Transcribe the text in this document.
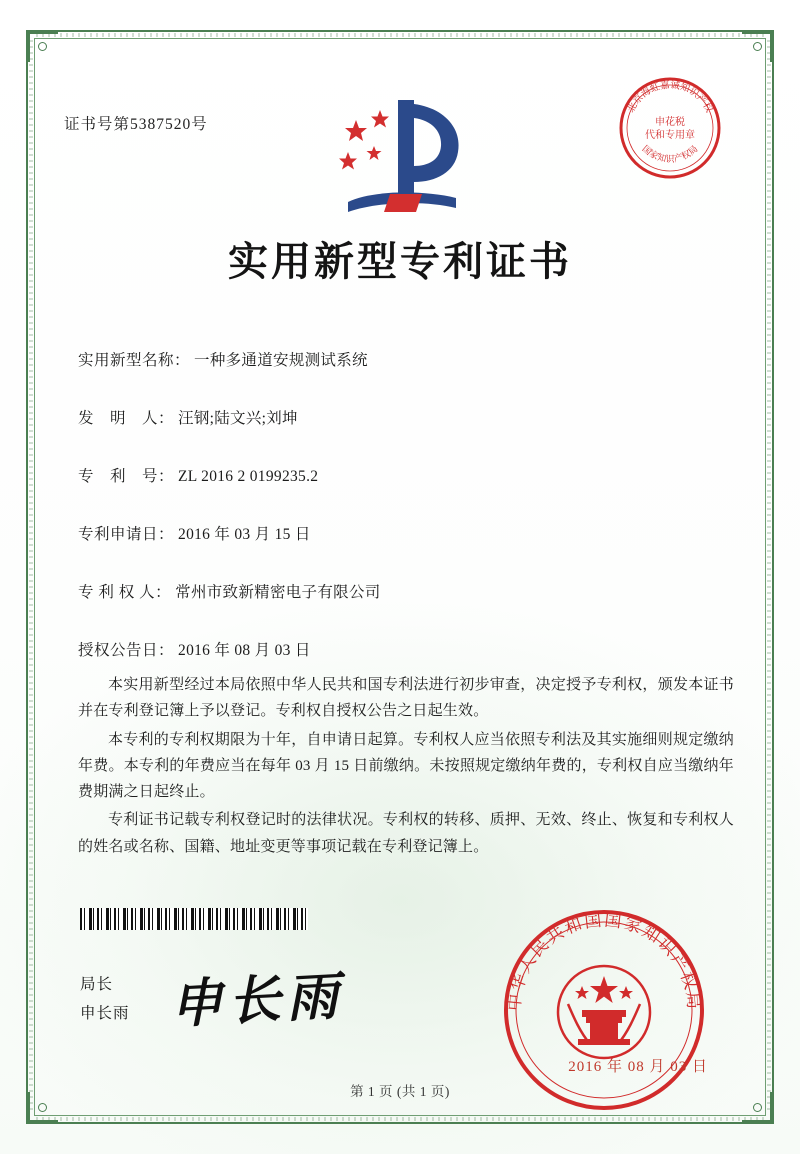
证书号第5387520号
北京海虹嘉诚知识产权
国家知识产权局
申花税
代和专用章
实用新型专利证书
实用新型名称： 一种多通道安规测试系统
发　明　人： 汪钢;陆文兴;刘坤
专　利　号： ZL 2016 2 0199235.2
专利申请日： 2016 年 03 月 15 日
专 利 权 人： 常州市致新精密电子有限公司
授权公告日： 2016 年 08 月 03 日

本实用新型经过本局依照中华人民共和国专利法进行初步审查，决定授予专利权，颁发本证书并在专利登记簿上予以登记。专利权自授权公告之日起生效。

本专利的专利权期限为十年，自申请日起算。专利权人应当依照专利法及其实施细则规定缴纳年费。本专利的年费应当在每年 03 月 15 日前缴纳。未按照规定缴纳年费的，专利权自应当缴纳年费期满之日起终止。

专利证书记载专利权登记时的法律状况。专利权的转移、质押、无效、终止、恢复和专利权人的姓名或名称、国籍、地址变更等事项记载在专利登记簿上。

局长
申长雨 申长雨	中华人民共和国国家知识产权局
2016 年 08 月 03 日
第 1 页 (共 1 页)
